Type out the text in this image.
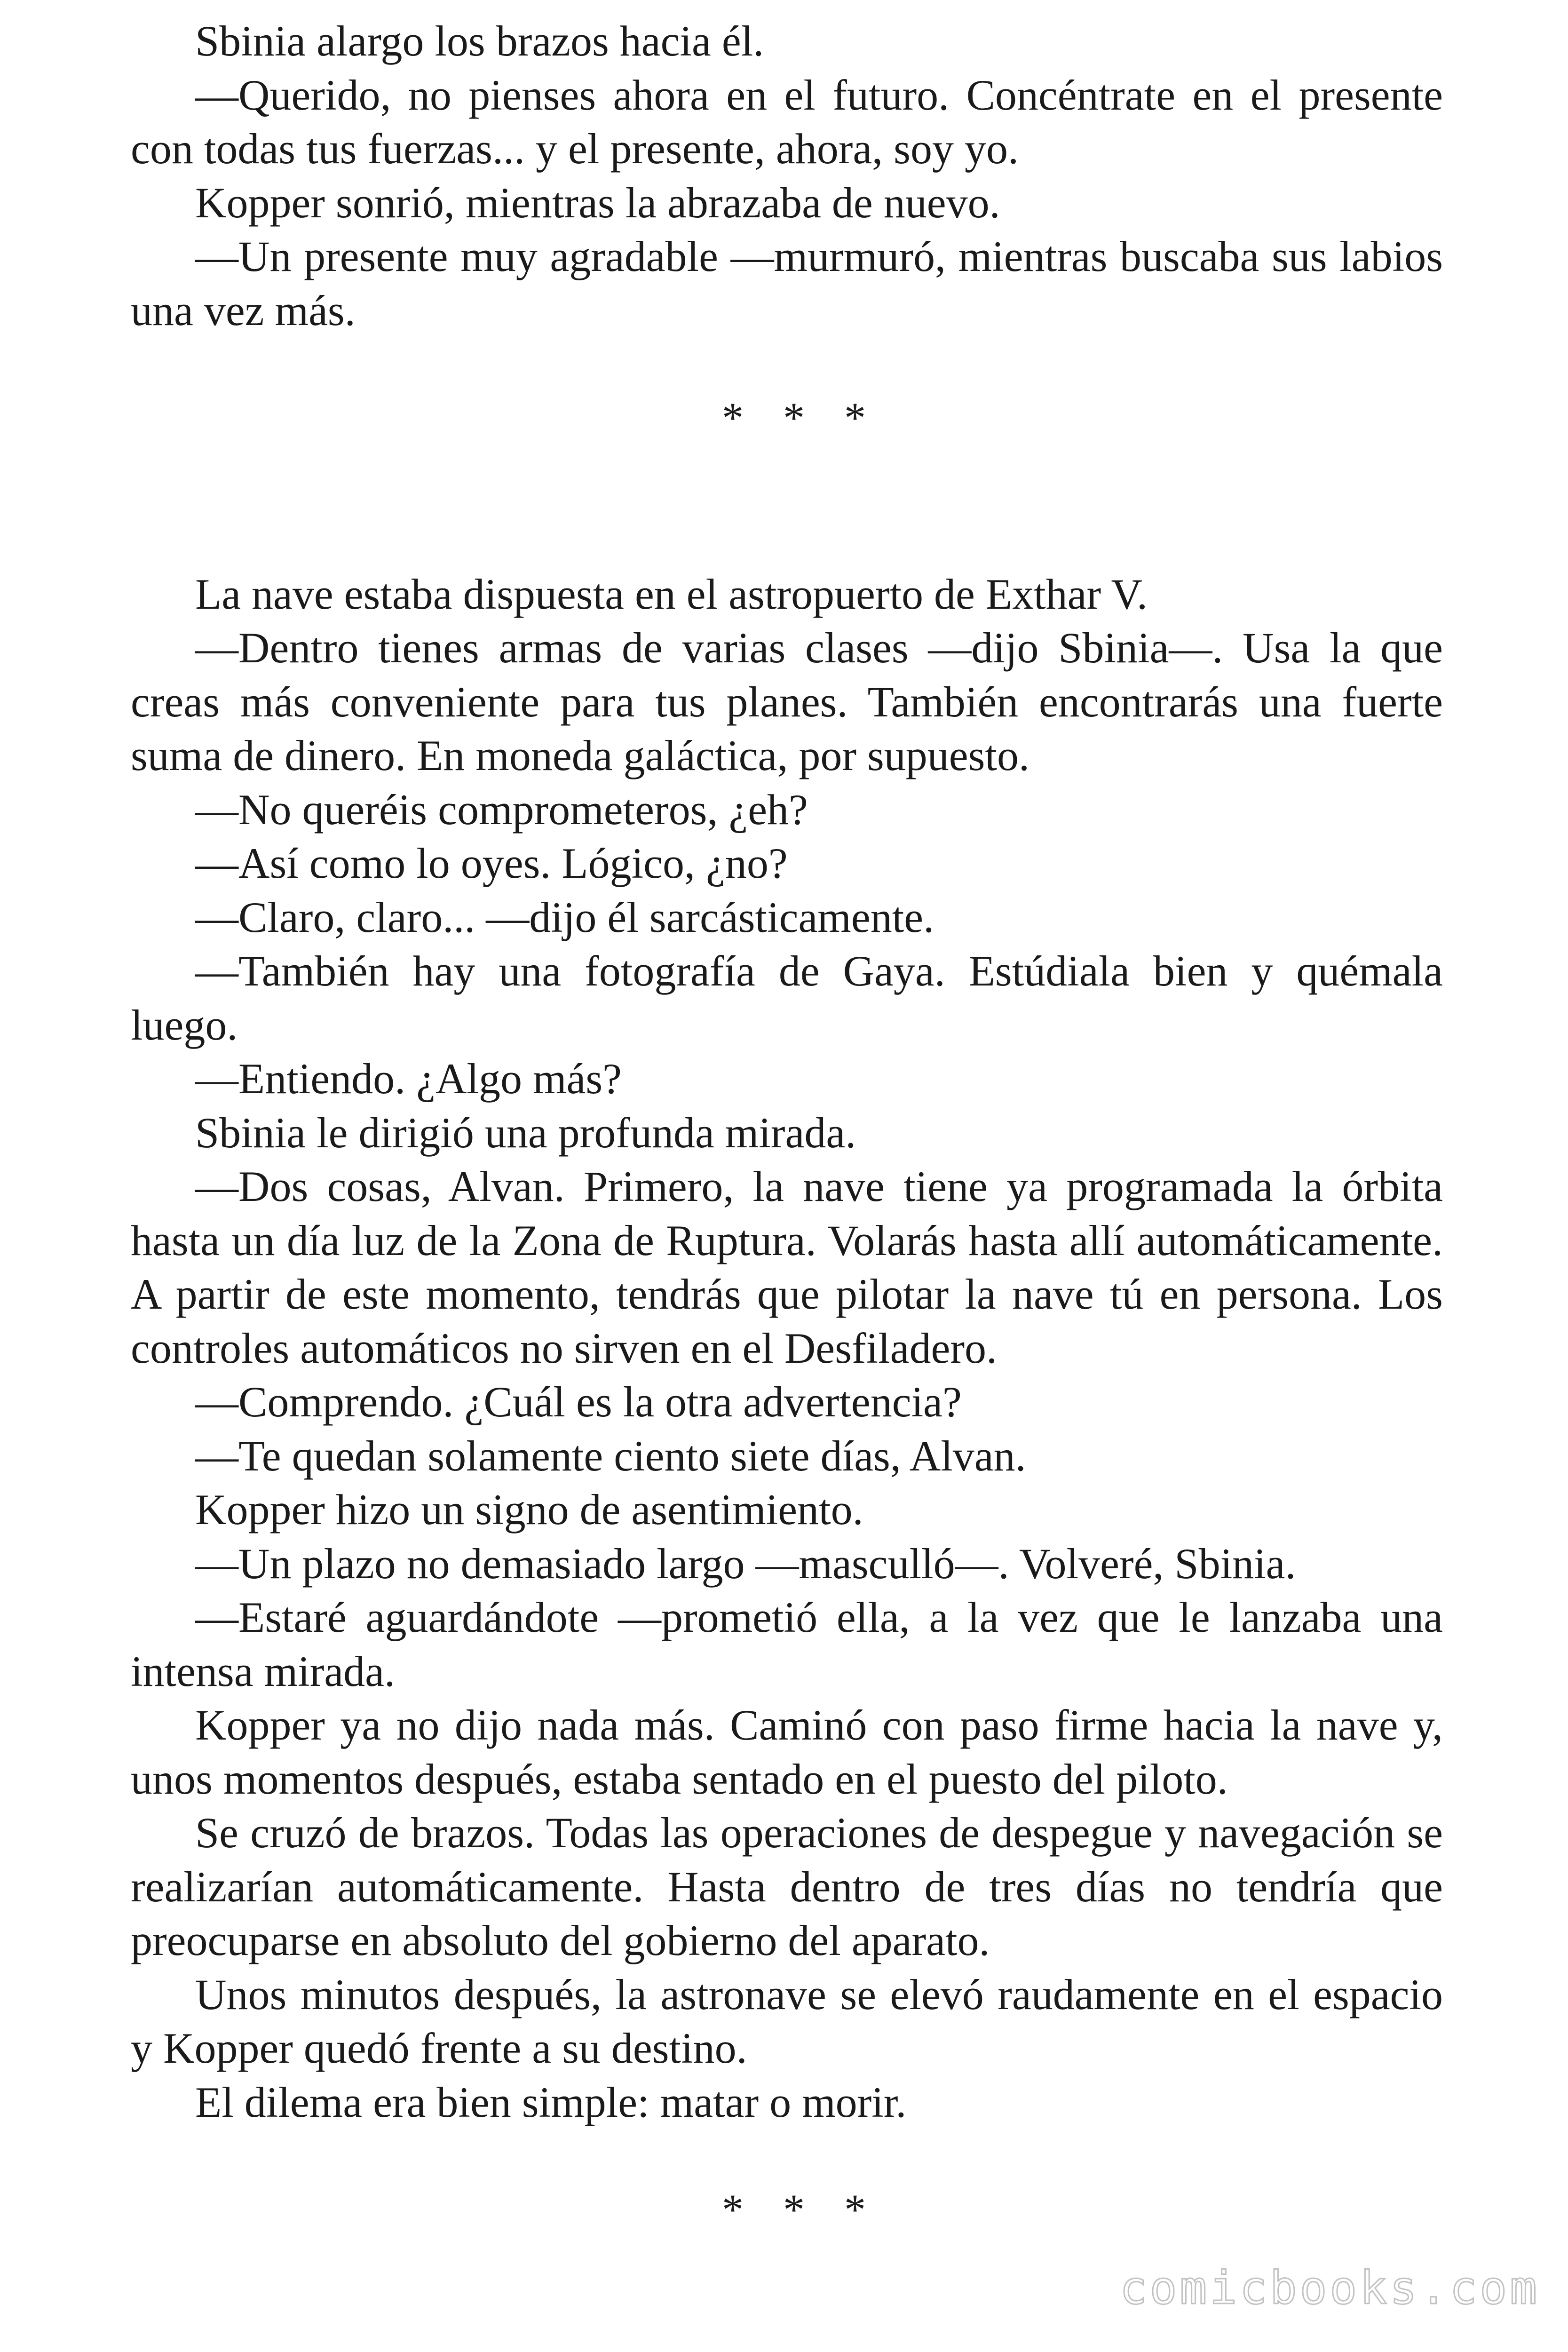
Sbinia alargo los brazos hacia él.

—Querido, no pienses ahora en el futuro. Concéntrate en el presente con todas tus fuerzas... y el presente, ahora, soy yo.

Kopper sonrió, mientras la abrazaba de nuevo.

—Un presente muy agradable —murmuró, mientras buscaba sus labios una vez más.

* * *

La nave estaba dispuesta en el astropuerto de Exthar V.

—Dentro tienes armas de varias clases —dijo Sbinia—. Usa la que creas más conveniente para tus planes. También encontrarás una fuerte suma de dinero. En moneda galáctica, por supuesto.

—No queréis comprometeros, ¿eh?

—Así como lo oyes. Lógico, ¿no?

—Claro, claro... —dijo él sarcásticamente.

—También hay una fotografía de Gaya. Estúdiala bien y quémala luego.

—Entiendo. ¿Algo más?

Sbinia le dirigió una profunda mirada.

—Dos cosas, Alvan. Primero, la nave tiene ya programada la órbita hasta un día luz de la Zona de Ruptura. Volarás hasta allí automáticamente. A partir de este momento, tendrás que pilotar la nave tú en persona. Los controles automáticos no sirven en el Desfiladero.

—Comprendo. ¿Cuál es la otra advertencia?

—Te quedan solamente ciento siete días, Alvan.

Kopper hizo un signo de asentimiento.

—Un plazo no demasiado largo —masculló—. Volveré, Sbinia.

—Estaré aguardándote —prometió ella, a la vez que le lanzaba una intensa mirada.

Kopper ya no dijo nada más. Caminó con paso firme hacia la nave y, unos momentos después, estaba sentado en el puesto del piloto.

Se cruzó de brazos. Todas las operaciones de despegue y navegación se realizarían automáticamente. Hasta dentro de tres días no tendría que preocuparse en absoluto del gobierno del aparato.

Unos minutos después, la astronave se elevó raudamente en el espacio y Kopper quedó frente a su destino.

El dilema era bien simple: matar o morir.

* * *

comicbooks.com
